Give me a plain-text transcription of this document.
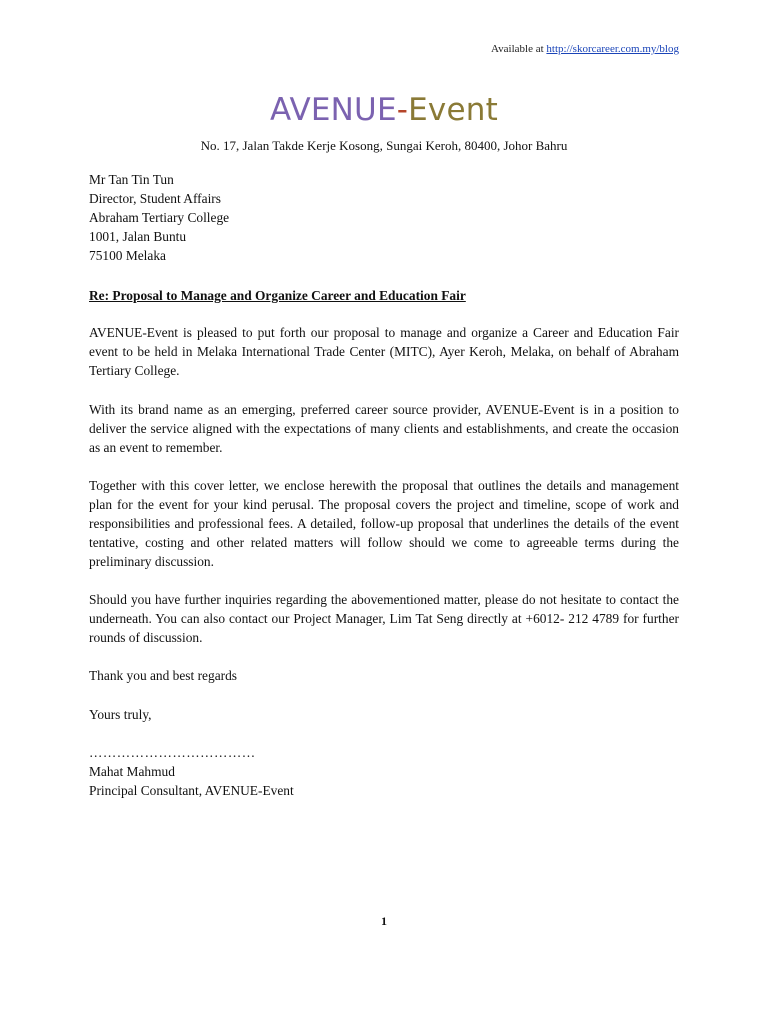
Available at http://skorcareer.com.my/blog
AVENUE-Event
No. 17, Jalan Takde Kerje Kosong, Sungai Keroh, 80400, Johor Bahru
Mr Tan Tin Tun
Director, Student Affairs
Abraham Tertiary College
1001, Jalan Buntu
75100 Melaka
Re: Proposal to Manage and Organize Career and Education Fair
AVENUE-Event is pleased to put forth our proposal to manage and organize a Career and Education Fair event to be held in Melaka International Trade Center (MITC), Ayer Keroh, Melaka, on behalf of Abraham Tertiary College.
With its brand name as an emerging, preferred career source provider, AVENUE-Event is in a position to deliver the service aligned with the expectations of many clients and establishments, and create the occasion as an event to remember.
Together with this cover letter, we enclose herewith the proposal that outlines the details and management plan for the event for your kind perusal. The proposal covers the project and timeline, scope of work and responsibilities and professional fees. A detailed, follow-up proposal that underlines the details of the event tentative, costing and other related matters will follow should we come to agreeable terms during the preliminary discussion.
Should you have further inquiries regarding the abovementioned matter, please do not hesitate to contact the underneath. You can also contact our Project Manager, Lim Tat Seng directly at +6012- 212 4789 for further rounds of discussion.
Thank you and best regards
Yours truly,
………………………………
Mahat Mahmud
Principal Consultant, AVENUE-Event
1
